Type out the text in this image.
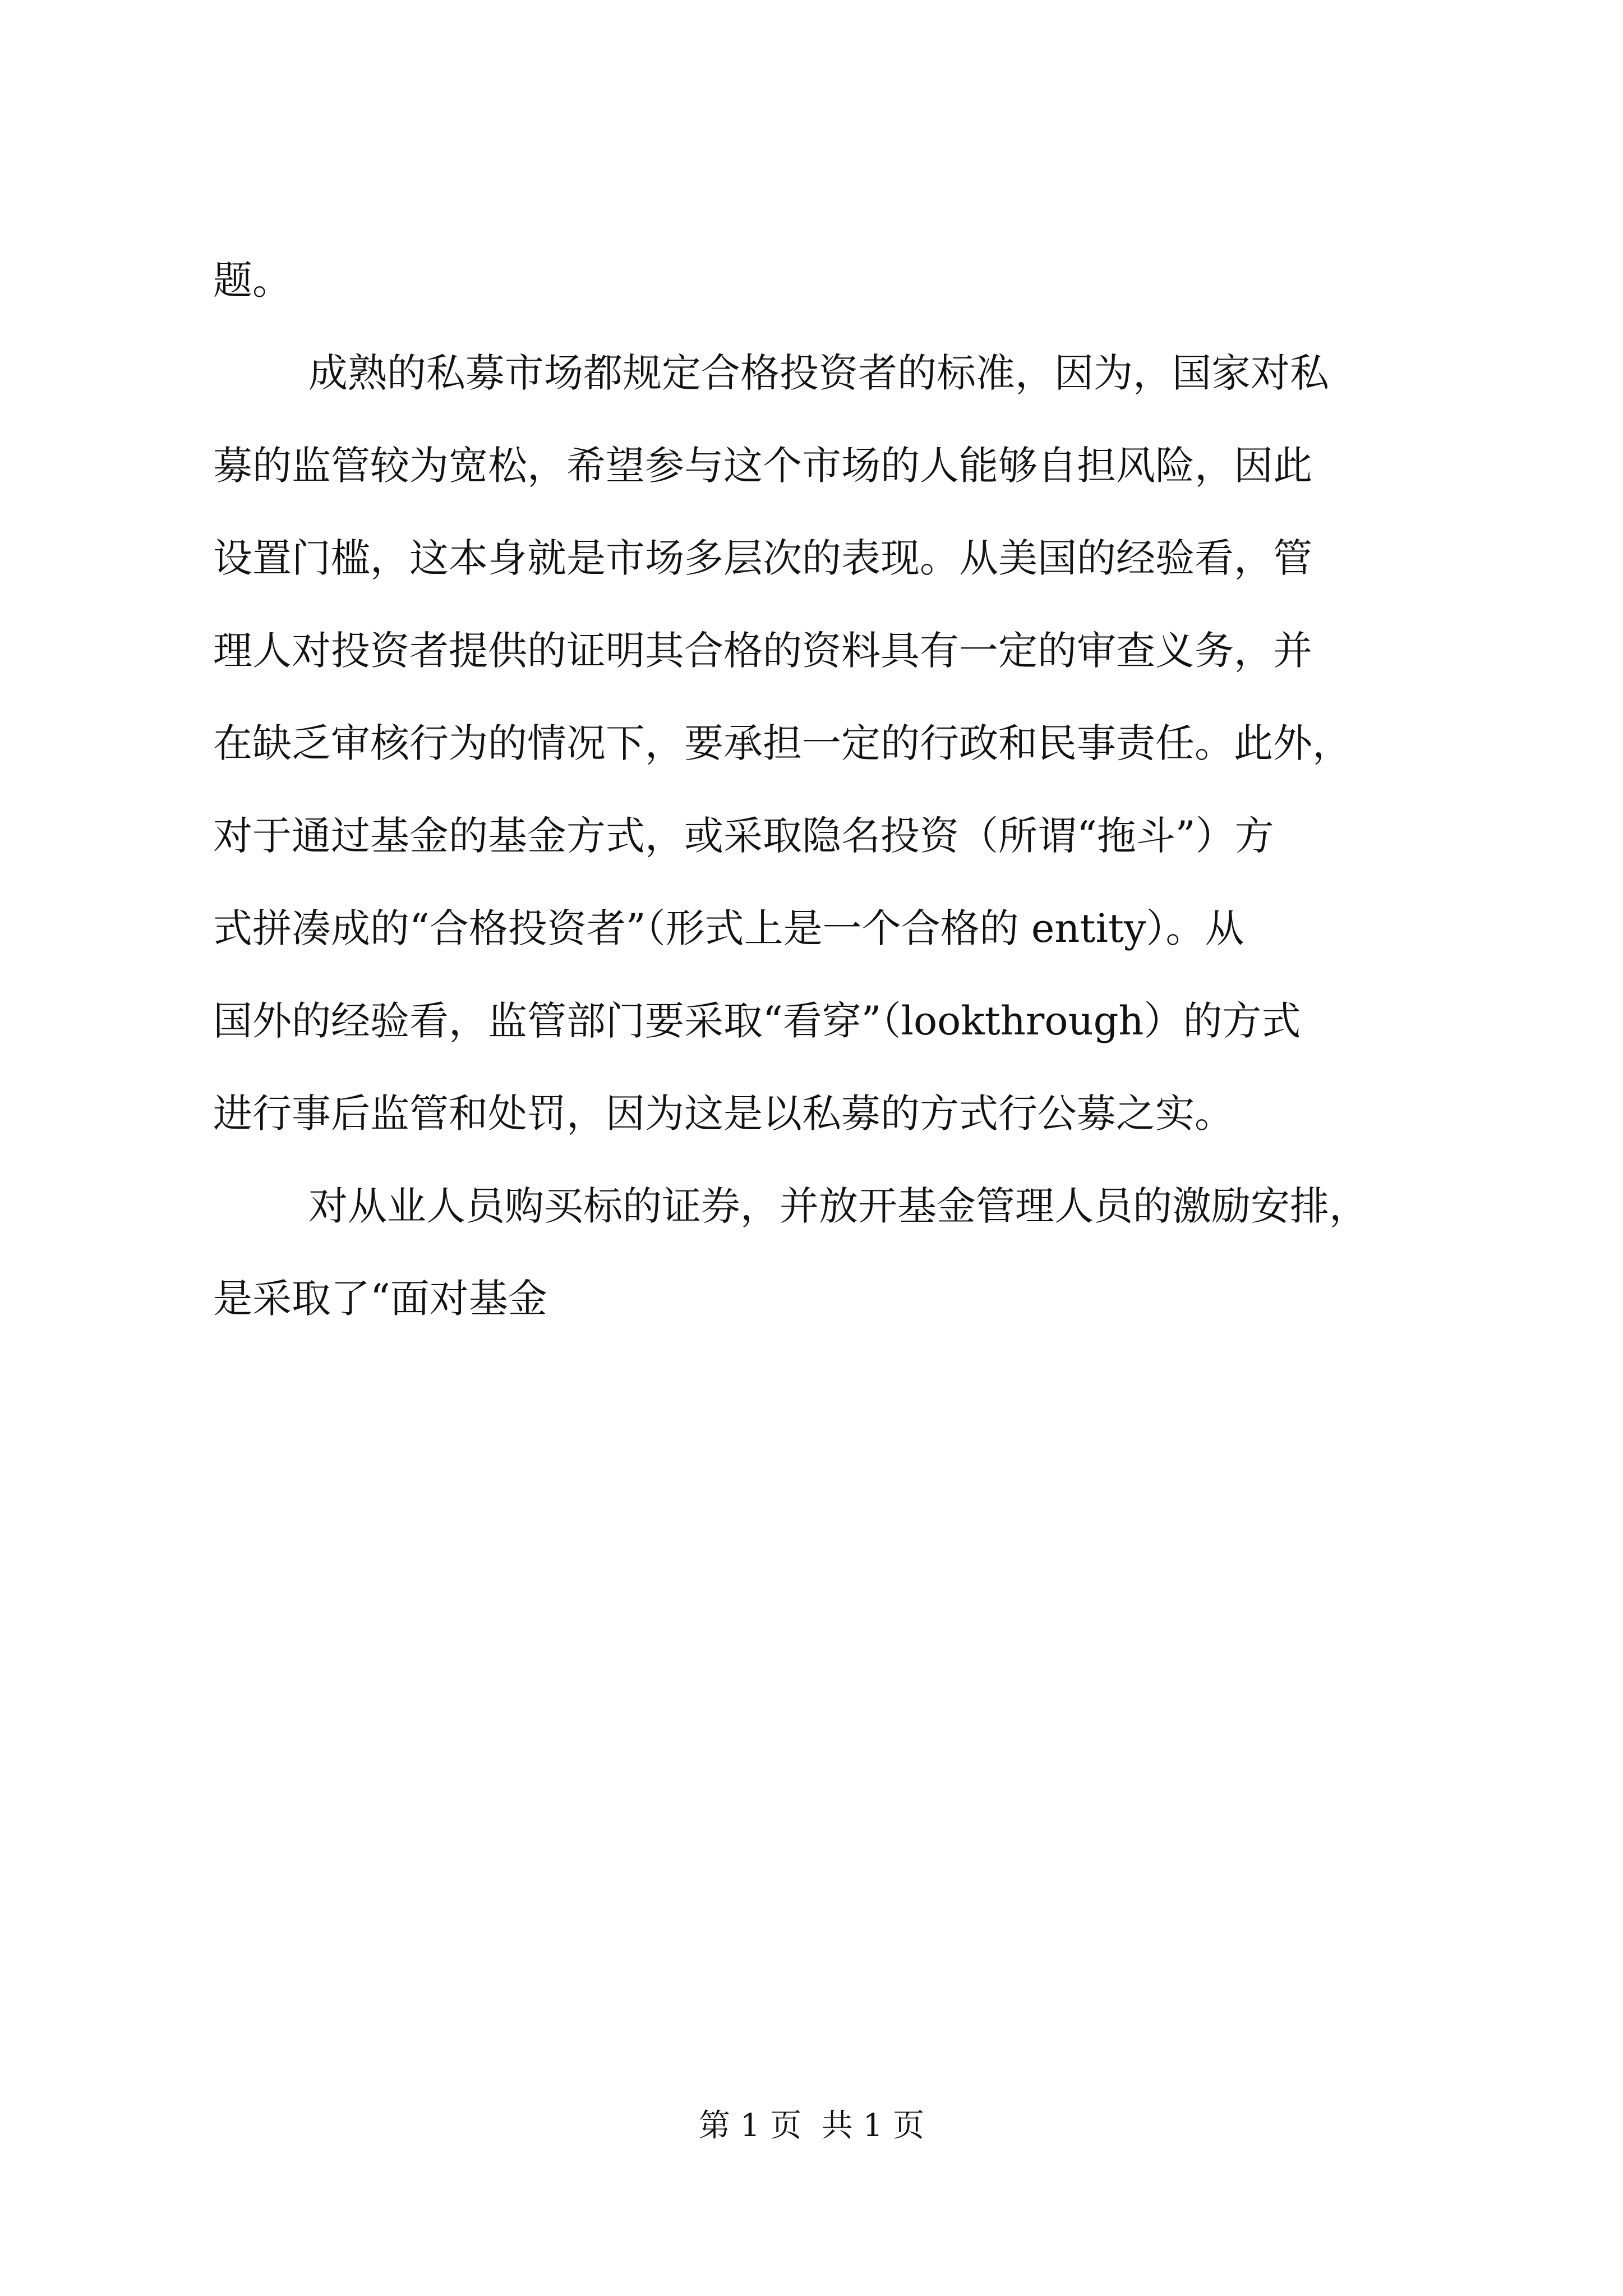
题。
成熟的私募市场都规定合格投资者的标准，因为，国家对私
募的监管较为宽松，希望参与这个市场的人能够自担风险，因此
设置门槛，这本身就是市场多层次的表现。从美国的经验看，管
理人对投资者提供的证明其合格的资料具有一定的审查义务，并
在缺乏审核行为的情况下，要承担一定的行政和民事责任。此外，
对于通过基金的基金方式，或采取隐名投资（所谓“拖斗”）方
式拼凑成的“合格投资者”（形式上是一个合格的 entity）。从
国外的经验看，监管部门要采取“看穿”（lookthrough）的方式
进行事后监管和处罚，因为这是以私募的方式行公募之实。
对从业人员购买标的证券，并放开基金管理人员的激励安排，
是采取了“面对基金
第 1 页  共 1 页
